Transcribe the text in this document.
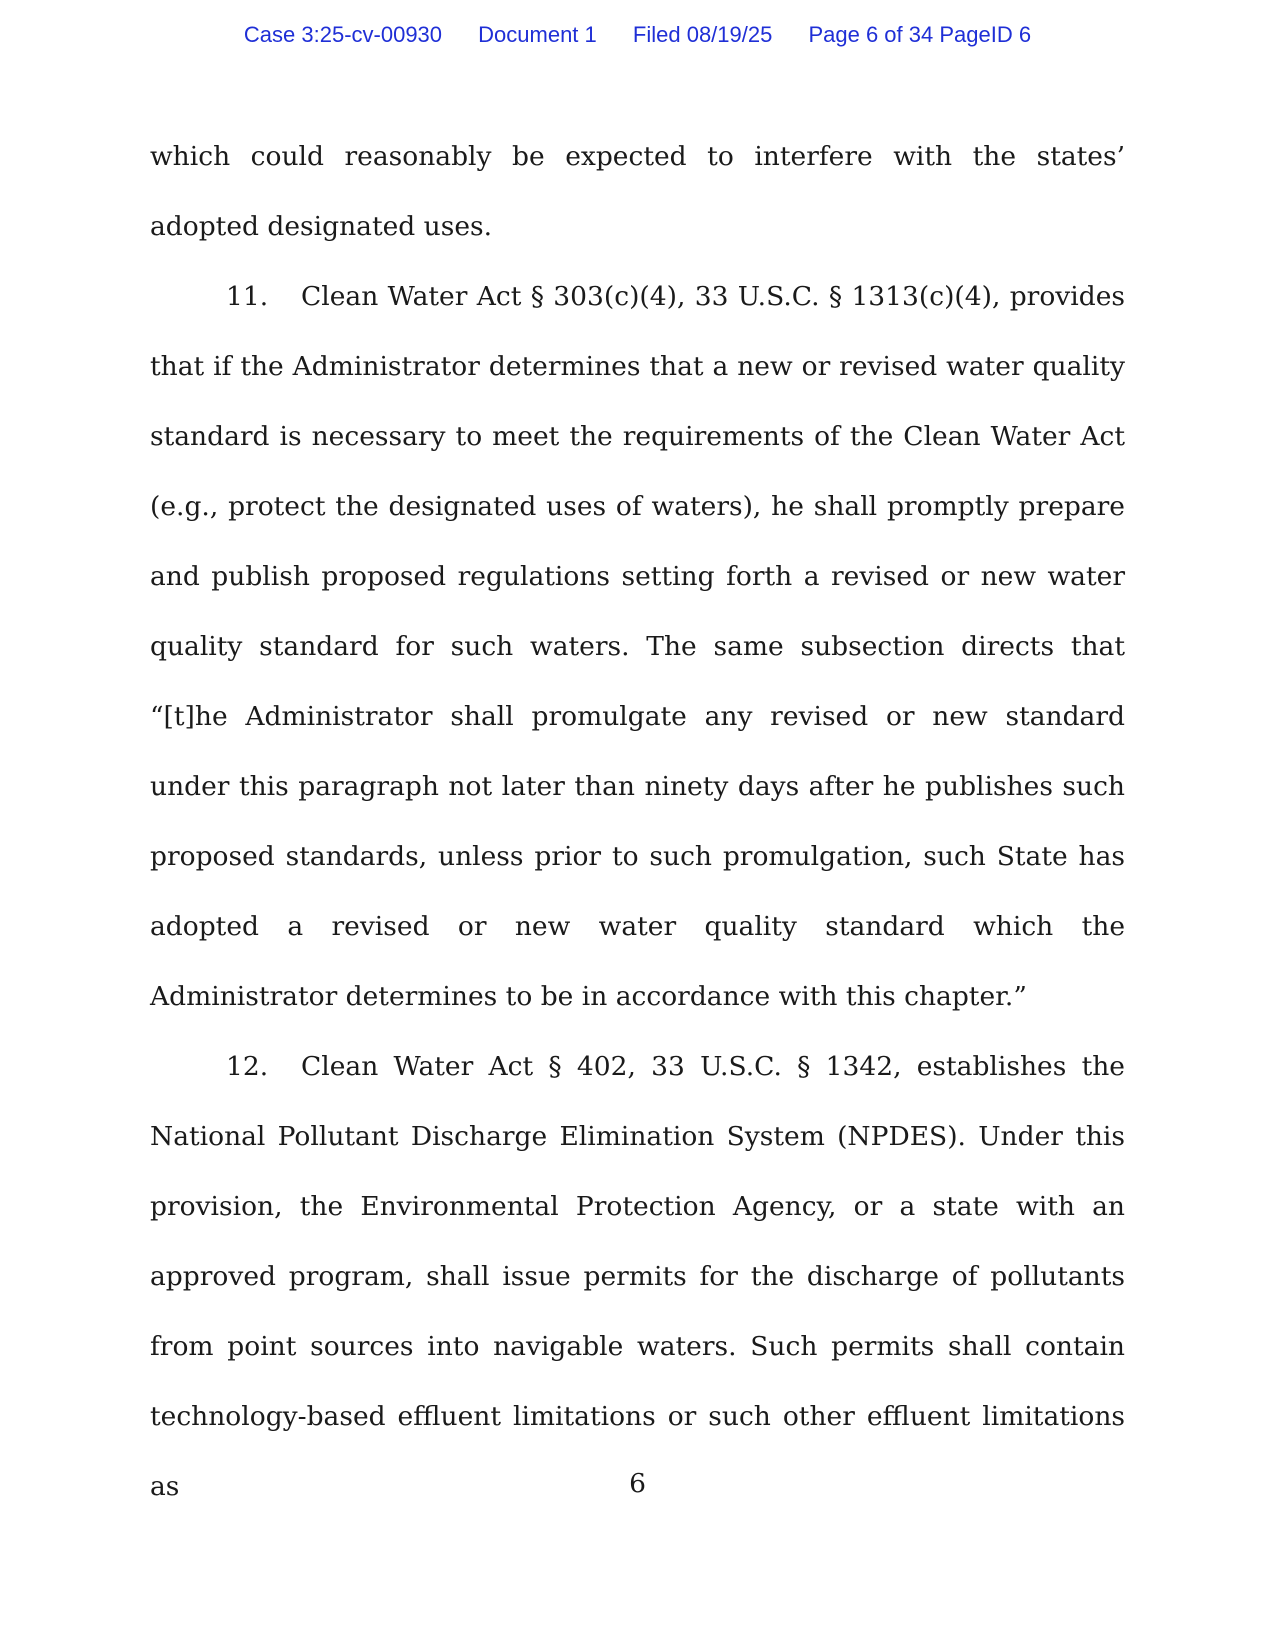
Case 3:25-cv-00930 Document 1 Filed 08/19/25 Page 6 of 34 PageID 6

which could reasonably be expected to interfere with the states’ adopted designated uses.

11. Clean Water Act § 303(c)(4), 33 U.S.C. § 1313(c)(4), provides that if the Administrator determines that a new or revised water quality standard is necessary to meet the requirements of the Clean Water Act (e.g., protect the designated uses of waters), he shall promptly prepare and publish proposed regulations setting forth a revised or new water quality standard for such waters. The same subsection directs that “[t]he Administrator shall promulgate any revised or new standard under this paragraph not later than ninety days after he publishes such proposed standards, unless prior to such promulgation, such State has adopted a revised or new water quality standard which the Administrator determines to be in accordance with this chapter.”

12. Clean Water Act § 402, 33 U.S.C. § 1342, establishes the National Pollutant Discharge Elimination System (NPDES). Under this provision, the Environmental Protection Agency, or a state with an approved program, shall issue permits for the discharge of pollutants from point sources into navigable waters. Such permits shall contain technology-based effluent limitations or such other effluent limitations as	6
